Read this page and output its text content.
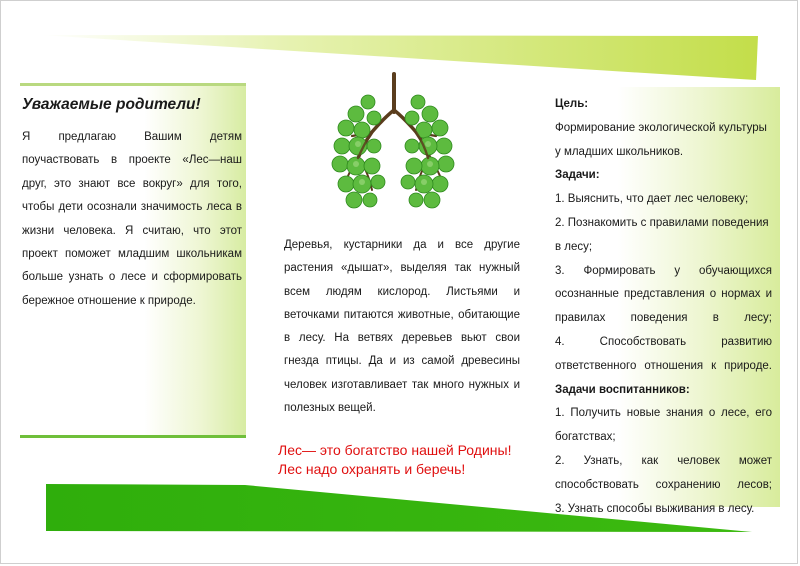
Уважаемые родители!

Я предлагаю Вашим детям поучаствовать в проекте «Лес—наш друг, это знают все вокруг» для того, чтобы дети осознали значимость леса в жизни человека. Я считаю, что этот проект поможет младшим школьникам больше узнать о лесе и сформировать бережное отношение к природе.

Деревья, кустарники да и все другие растения «дышат», выделяя так нужный всем людям кислород. Листьями и веточками питаются животные, обитающие в лесу. На ветвях деревьев вьют свои гнезда птицы. Да и из самой древесины человек изготавливает так много нужных и полезных вещей.

Лес— это богатство нашей Родины!
Лес надо охранять и беречь!

Цель:

Формирование экологической культуры у младших школьников.

Задачи:

1. Выяснить, что дает лес человеку;

2. Познакомить с правилами поведения в лесу;

3. Формировать у обучающихся осознанные представления о нормах и правилах поведения в лесу;

4. Способствовать развитию ответственного отношения к природе.

Задачи воспитанников:

1. Получить новые знания о лесе, его богатствах;

2. Узнать, как человек может способствовать сохранению лесов;

3. Узнать способы выживания в лесу.
